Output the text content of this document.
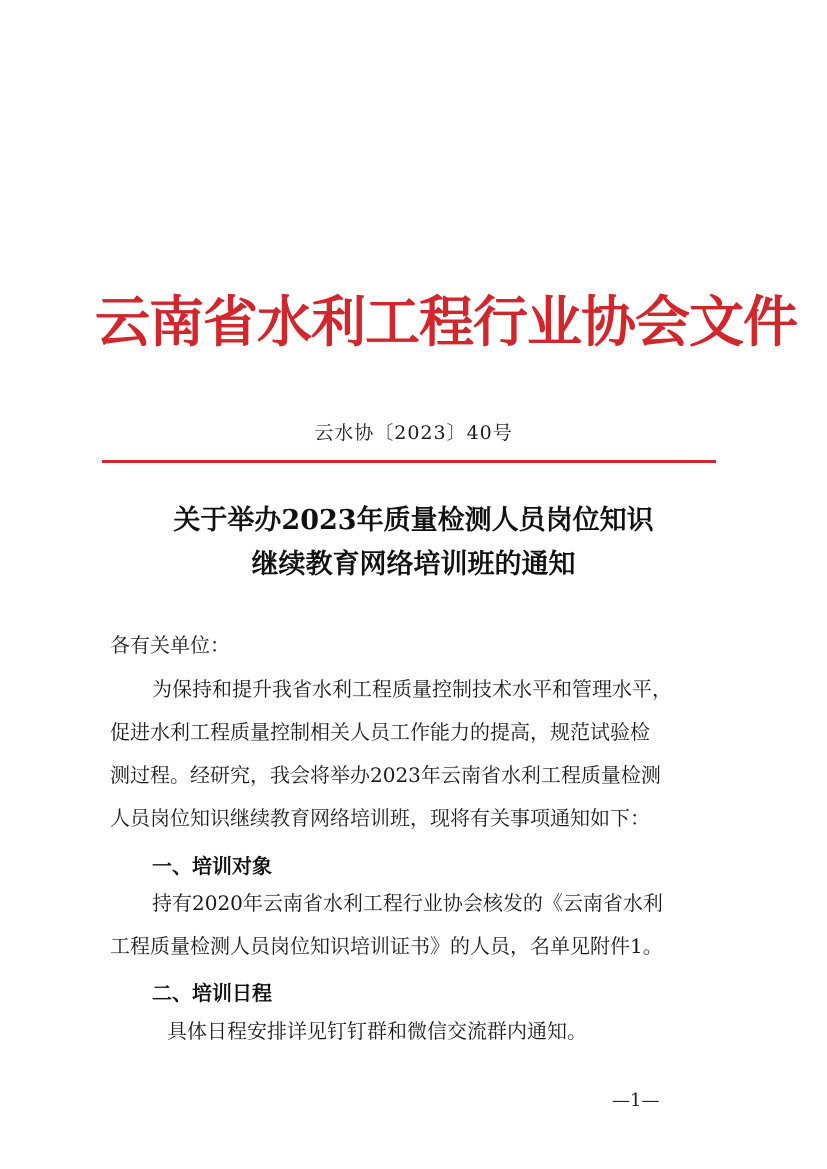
云南省水利工程行业协会文件
云水协〔2023〕40号
关于举办2023年质量检测人员岗位知识
继续教育网络培训班的通知
各有关单位：
为保持和提升我省水利工程质量控制技术水平和管理水平，
促进水利工程质量控制相关人员工作能力的提高，规范试验检
测过程。经研究，我会将举办2023年云南省水利工程质量检测
人员岗位知识继续教育网络培训班，现将有关事项通知如下：
一、培训对象
持有2020年云南省水利工程行业协会核发的《云南省水利
工程质量检测人员岗位知识培训证书》的人员，名单见附件1。
二、培训日程
具体日程安排详见钉钉群和微信交流群内通知。
—1—
